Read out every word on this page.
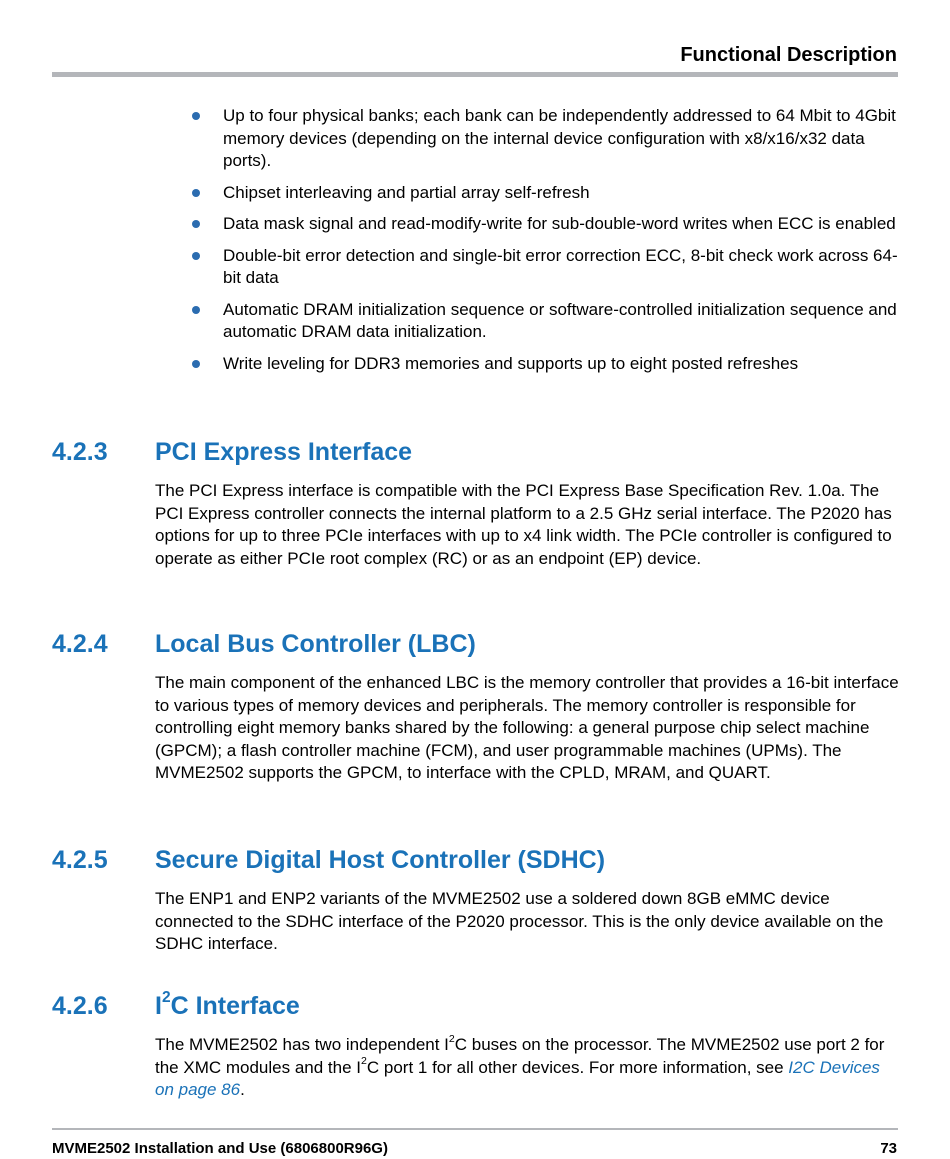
Functional Description
Up to four physical banks; each bank can be independently addressed to 64 Mbit to 4Gbit memory devices (depending on the internal device configuration with x8/x16/x32 data ports).
Chipset interleaving and partial array self-refresh
Data mask signal and read-modify-write for sub-double-word writes when ECC is enabled
Double-bit error detection and single-bit error correction ECC, 8-bit check work across 64-bit data
Automatic DRAM initialization sequence or software-controlled initialization sequence and automatic DRAM data initialization.
Write leveling for DDR3 memories and supports up to eight posted refreshes
4.2.3	PCI Express Interface
The PCI Express interface is compatible with the PCI Express Base Specification Rev. 1.0a. The PCI Express controller connects the internal platform to a 2.5 GHz serial interface. The P2020 has options for up to three PCIe interfaces with up to x4 link width. The PCIe controller is configured to operate as either PCIe root complex (RC) or as an endpoint (EP) device.
4.2.4	Local Bus Controller (LBC)
The main component of the enhanced LBC is the memory controller that provides a 16-bit interface to various types of memory devices and peripherals. The memory controller is responsible for controlling eight memory banks shared by the following: a general purpose chip select machine (GPCM); a flash controller machine (FCM), and user programmable machines (UPMs). The MVME2502 supports the GPCM, to interface with the CPLD, MRAM, and QUART.
4.2.5	Secure Digital Host Controller (SDHC)
The ENP1 and ENP2 variants of the MVME2502 use a soldered down 8GB eMMC device connected to the SDHC interface of the P2020 processor. This is the only device available on the SDHC interface.
4.2.6	$I^2C$ Interface
The MVME2502 has two independent $I^2C$ buses on the processor. The MVME2502 use port 2 for the XMC modules and the $I^2C$ port 1 for all other devices. For more information, see I2C Devices on page 86.
MVME2502 Installation and Use (6806800R96G)	73
